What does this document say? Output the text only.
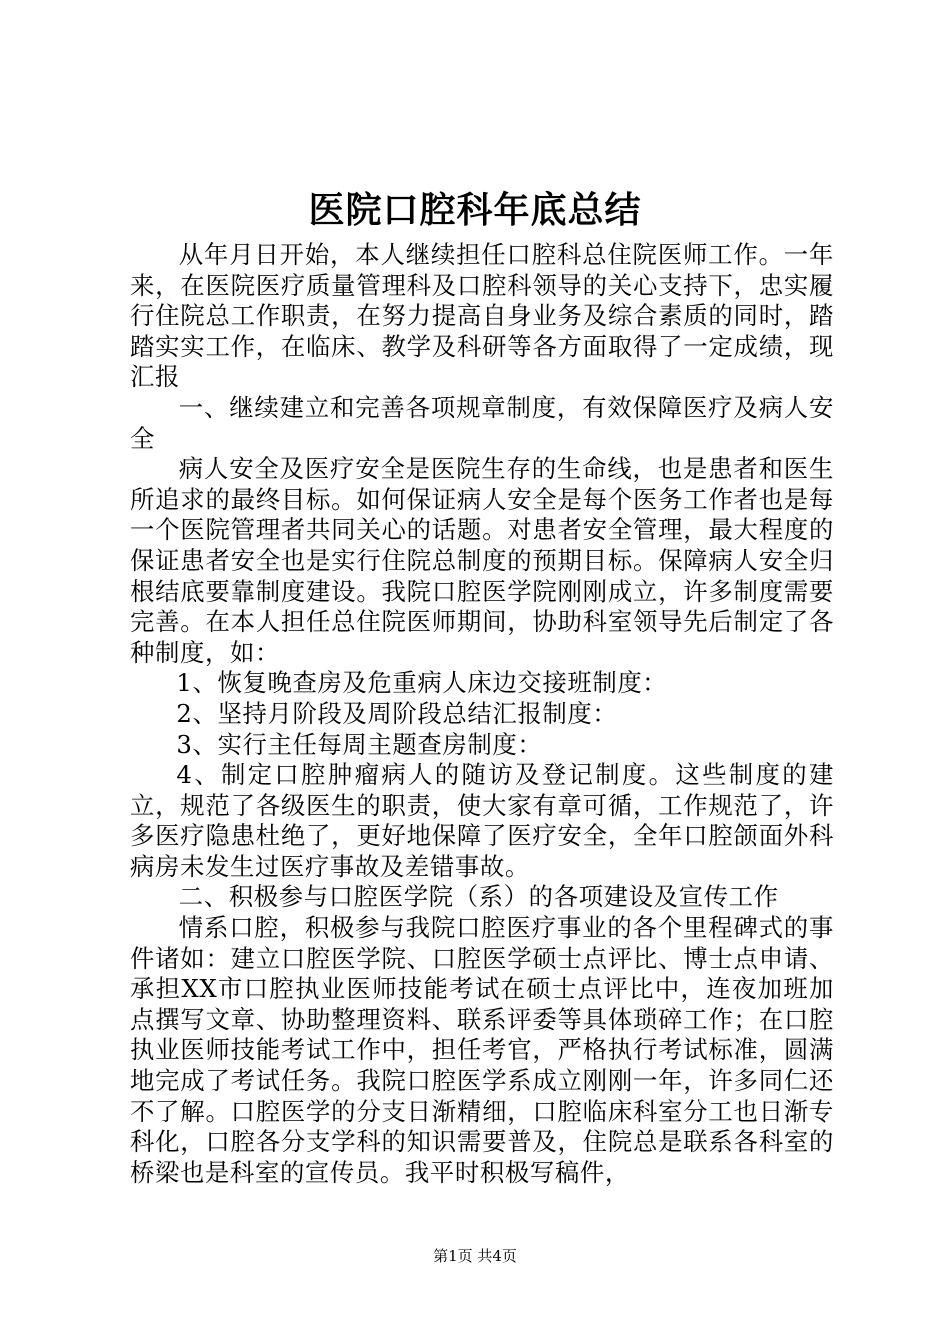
医院口腔科年底总结

从年月日开始，本人继续担任口腔科总住院医师工作。一年来，在医院医疗质量管理科及口腔科领导的关心支持下，忠实履行住院总工作职责，在努力提高自身业务及综合素质的同时，踏踏实实工作，在临床、教学及科研等各方面取得了一定成绩，现汇报

一、继续建立和完善各项规章制度，有效保障医疗及病人安全

病人安全及医疗安全是医院生存的生命线，也是患者和医生所追求的最终目标。如何保证病人安全是每个医务工作者也是每一个医院管理者共同关心的话题。对患者安全管理，最大程度的保证患者安全也是实行住院总制度的预期目标。保障病人安全归根结底要靠制度建设。我院口腔医学院刚刚成立，许多制度需要完善。在本人担任总住院医师期间，协助科室领导先后制定了各种制度，如：

1、恢复晚查房及危重病人床边交接班制度：

2、坚持月阶段及周阶段总结汇报制度：

3、实行主任每周主题查房制度：

4、制定口腔肿瘤病人的随访及登记制度。这些制度的建立，规范了各级医生的职责，使大家有章可循，工作规范了，许多医疗隐患杜绝了，更好地保障了医疗安全，全年口腔颌面外科病房未发生过医疗事故及差错事故。

二、积极参与口腔医学院（系）的各项建设及宣传工作

情系口腔，积极参与我院口腔医疗事业的各个里程碑式的事件诸如：建立口腔医学院、口腔医学硕士点评比、博士点申请、承担XX市口腔执业医师技能考试在硕士点评比中，连夜加班加点撰写文章、协助整理资料、联系评委等具体琐碎工作；在口腔执业医师技能考试工作中，担任考官，严格执行考试标准，圆满地完成了考试任务。我院口腔医学系成立刚刚一年，许多同仁还不了解。口腔医学的分支日渐精细，口腔临床科室分工也日渐专科化，口腔各分支学科的知识需要普及，住院总是联系各科室的桥梁也是科室的宣传员。我平时积极写稿件，

第1页 共4页
